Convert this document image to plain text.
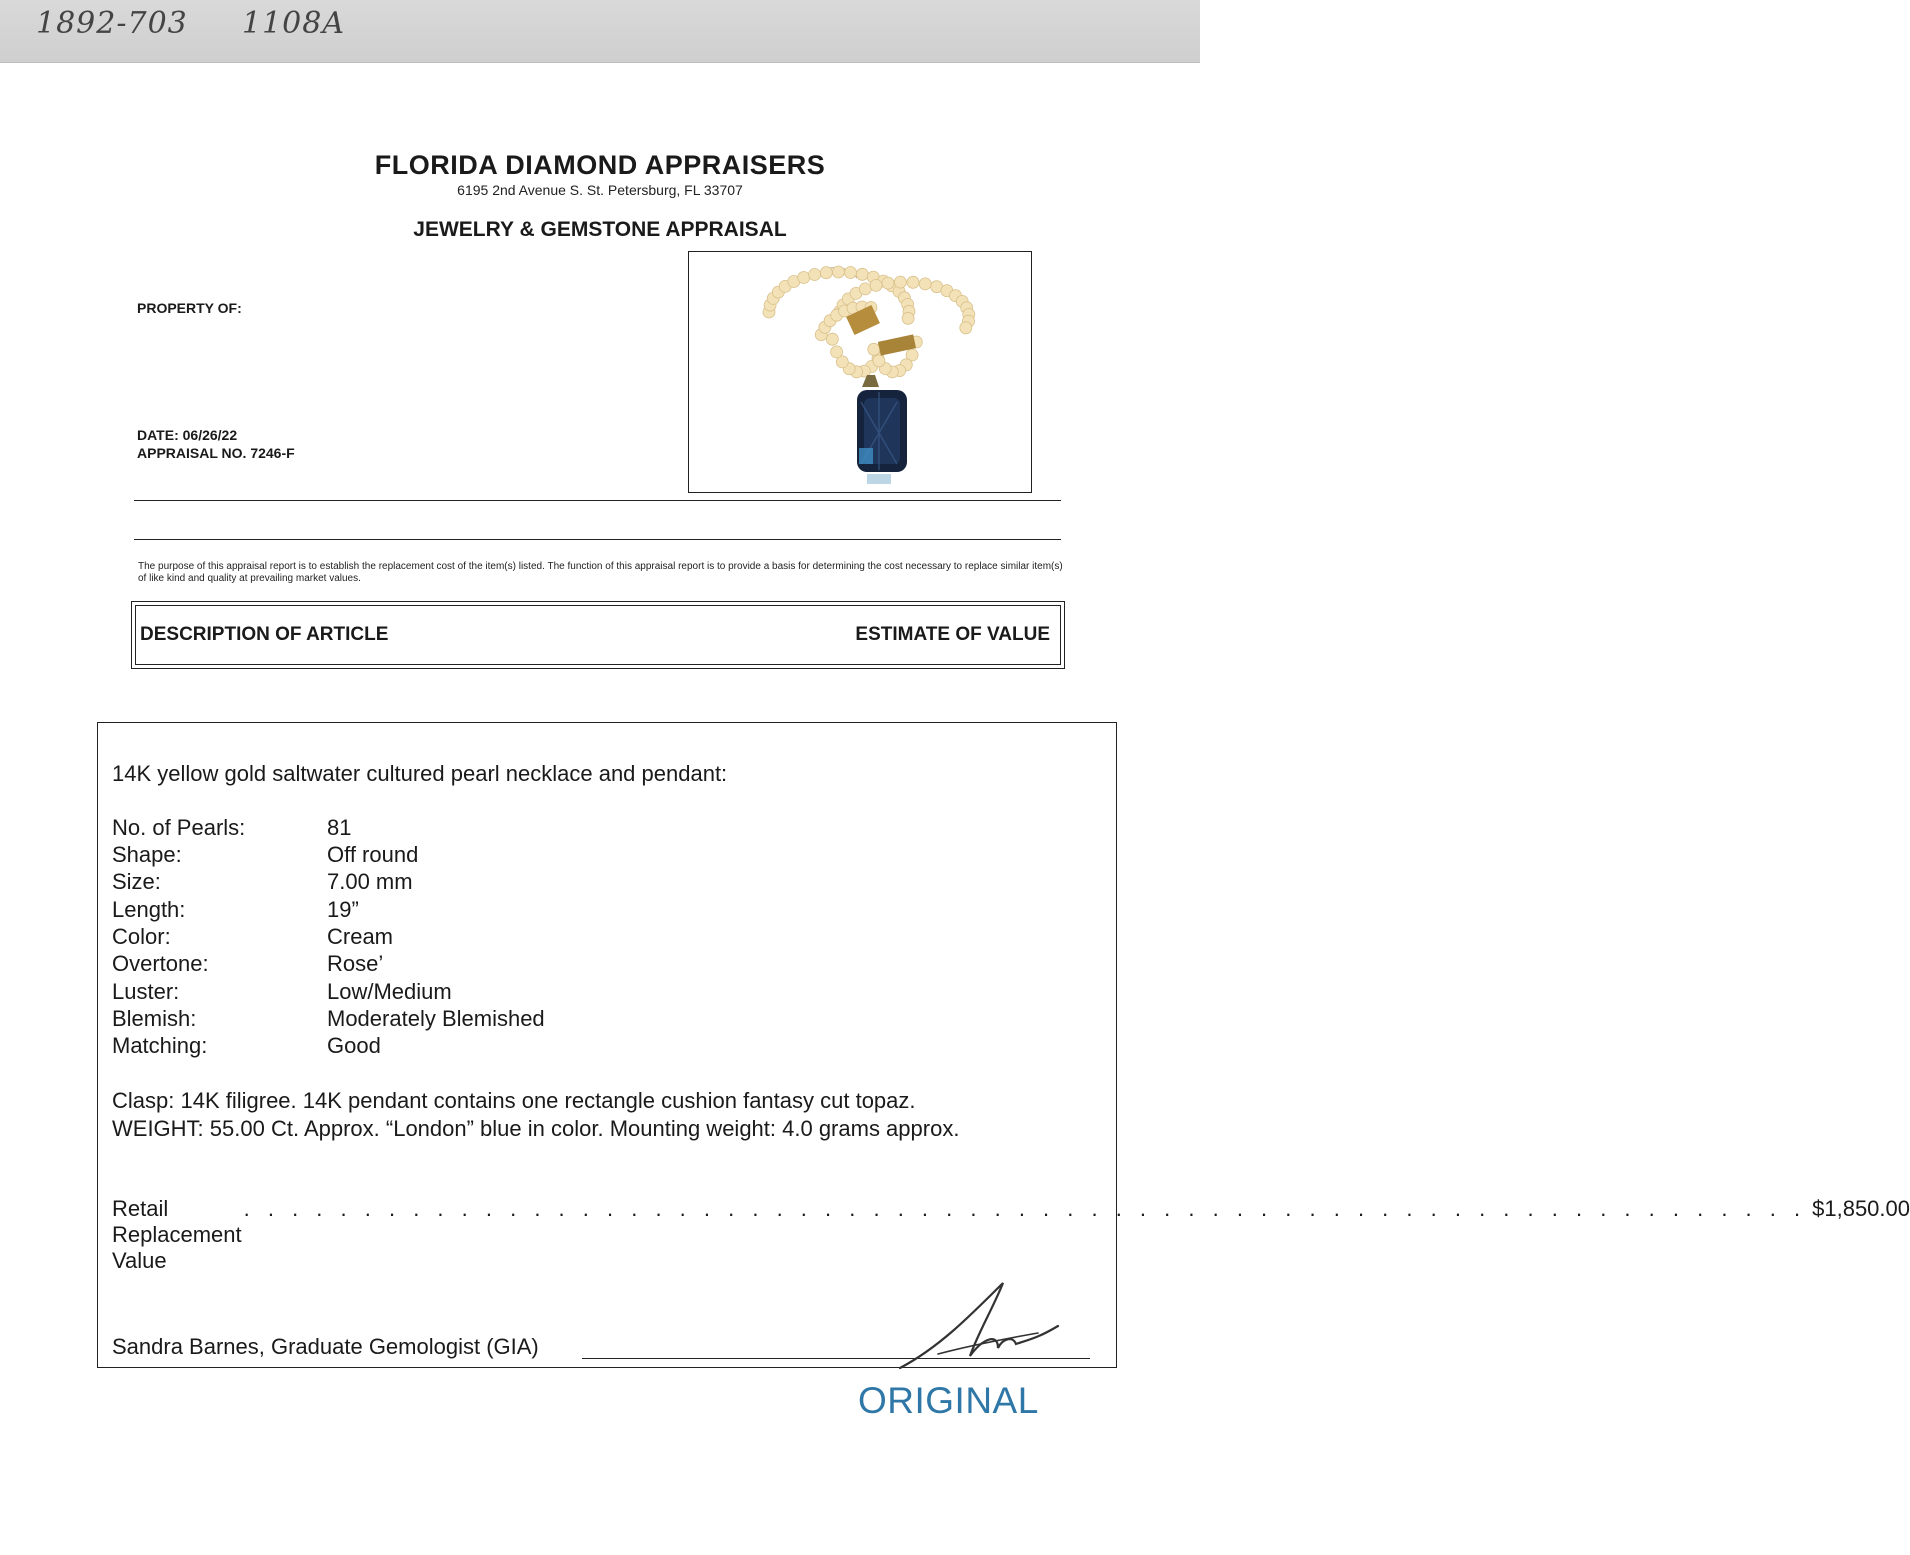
1892-703 1108A
FLORIDA DIAMOND APPRAISERS
6195 2nd Avenue S. St. Petersburg, FL 33707
JEWELRY & GEMSTONE APPRAISAL
PROPERTY OF:
DATE: 06/26/22
APPRAISAL NO. 7246-F
The purpose of this appraisal report is to establish the replacement cost of the item(s) listed. The function of this appraisal report is to provide a basis for determining the cost necessary to replace similar item(s) of like kind and quality at prevailing market values.
DESCRIPTION OF ARTICLE	ESTIMATE OF VALUE
14K yellow gold saltwater cultured pearl necklace and pendant:
No. of Pearls:	81
Shape:	Off round
Size:	7.00 mm
Length:	19”
Color:	Cream
Overtone:	Rose’
Luster:	Low/Medium
Blemish:	Moderately Blemished
Matching:	Good
Clasp: 14K filigree. 14K pendant contains one rectangle cushion fantasy cut topaz.
WEIGHT: 55.00 Ct. Approx. “London” blue in color. Mounting weight: 4.0 grams approx.
Retail Replacement Value
. . . . . . . . . . . . . . . . . . . . . . . . . . . . . . . . . . . . . . . . . . . . . . . . . . . . . . . . . . . . . . . . . $1,850.00
Sandra Barnes, Graduate Gemologist (GIA)
ORIGINAL
